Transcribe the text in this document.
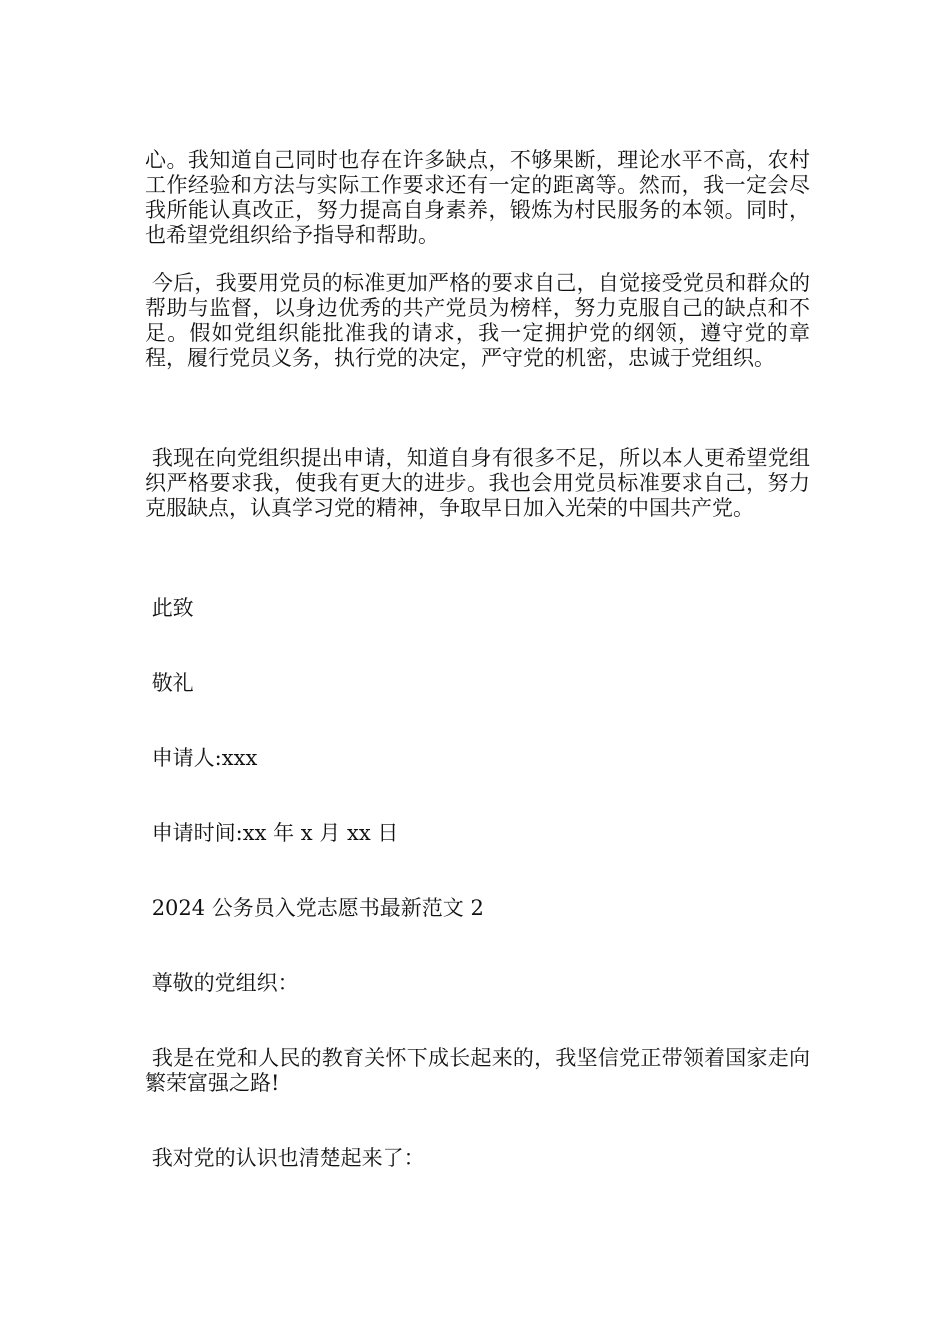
心。我知道自己同时也存在许多缺点，不够果断，理论水平不高，农村工作经验和方法与实际工作要求还有一定的距离等。然而，我一定会尽我所能认真改正，努力提高自身素养，锻炼为村民服务的本领。同时，也希望党组织给予指导和帮助。

今后，我要用党员的标准更加严格的要求自己，自觉接受党员和群众的帮助与监督，以身边优秀的共产党员为榜样，努力克服自己的缺点和不足。假如党组织能批准我的请求，我一定拥护党的纲领，遵守党的章程，履行党员义务，执行党的决定，严守党的机密，忠诚于党组织。

我现在向党组织提出申请，知道自身有很多不足，所以本人更希望党组织严格要求我，使我有更大的进步。我也会用党员标准要求自己，努力克服缺点，认真学习党的精神，争取早日加入光荣的中国共产党。

此致

敬礼

申请人:xxx

申请时间:xx 年 x 月 xx 日

2024 公务员入党志愿书最新范文 2

尊敬的党组织：

我是在党和人民的教育关怀下成长起来的，我坚信党正带领着国家走向繁荣富强之路!

我对党的认识也清楚起来了：
